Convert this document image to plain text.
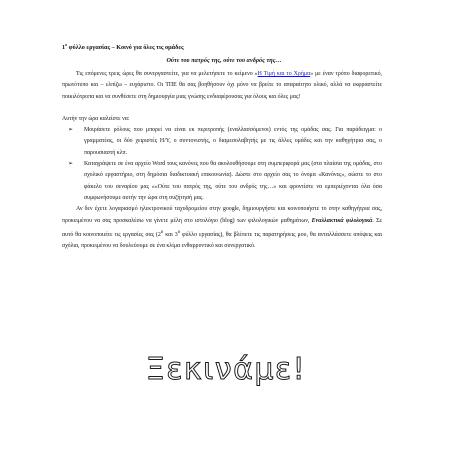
$1^o$ φύλλο εργασίας – Κοινό για όλες τις ομάδες
Ούτε του πατρός της, ούτε του ανδρός της…

Τις επόμενες τρεις ώρες θα συνεργαστείτε, για να μελετήσετε το κείμενο «Η Τιμή και το Χρήμα» με έναν τρόπο διαφορετικό, πρωτότυπο και – ελπίζω – ευχάριστο. Οι ΤΠΕ θα σας βοηθήσουν όχι μόνο να βρείτε το απαραίτητο υλικό, αλλά να εκφραστείτε ποικιλότροπα και να συνθέσετε στη δημιουργία μιας γνώσης ενδιαφέρουσας για όλους και όλες μας!

Αυτήν την ώρα καλείστε να:

➢ Μοιράσετε ρόλους που μπορεί να είναι εκ περιτροπής (εναλλασσόμενοι) εντός της ομάδας σας. Για παράδειγμα: ο γραμματέας, οι δύο χειριστές Η/Υ, ο συντονιστής, ο διαμεσολαβητής με τις άλλες ομάδες και την καθηγήτρια σας, ο παρουσιαστή κλπ.
➢ Καταγράψετε σε ένα αρχείο Word τους κανόνες που θα ακολουθήσουμε στη συμπεριφορά μας (στα πλαίσια της ομάδας, στο σχολικό εργαστήριο, στη δημόσια διαδικτυακή επικοινωνία). Δώστε στο αρχείο σας το όνομα «Κανόνες», σώστε το στο φάκελο του σεναρίου μας ««Ούτε του πατρός της, ούτε του ανδρός της…» και φροντίστε να εμπεριέχονται όλα όσα συμφωνήσουμε αυτήν την ώρα στη συζήτησή μας.

Αν δεν έχετε λογαριασμό ηλεκτρονικού ταχυδρομείου στην google, δημιουργήστε και κοινοποιήστε το στην καθηγήτρια σας, προκειμένου να σας προσκαλέσω να γίνετε μέλη στο ιστολόγιο (blog) των φιλολογικών μαθημάτων, Εναλλακτικά φιλολογικά. Σε αυτό θα κοινοποιείτε τις εργασίες σας ($2^o$ και $3^o$ φύλλο εργασίας), θα βλέπετε τις παρατηρήσεις μου, θα ανταλλάσσετε απόψεις και σχόλια, προκειμένου να δουλεύουμε σε ένα κλίμα ενθαρρυντικό και συνεργατικό.

Ξεκινάμε!
